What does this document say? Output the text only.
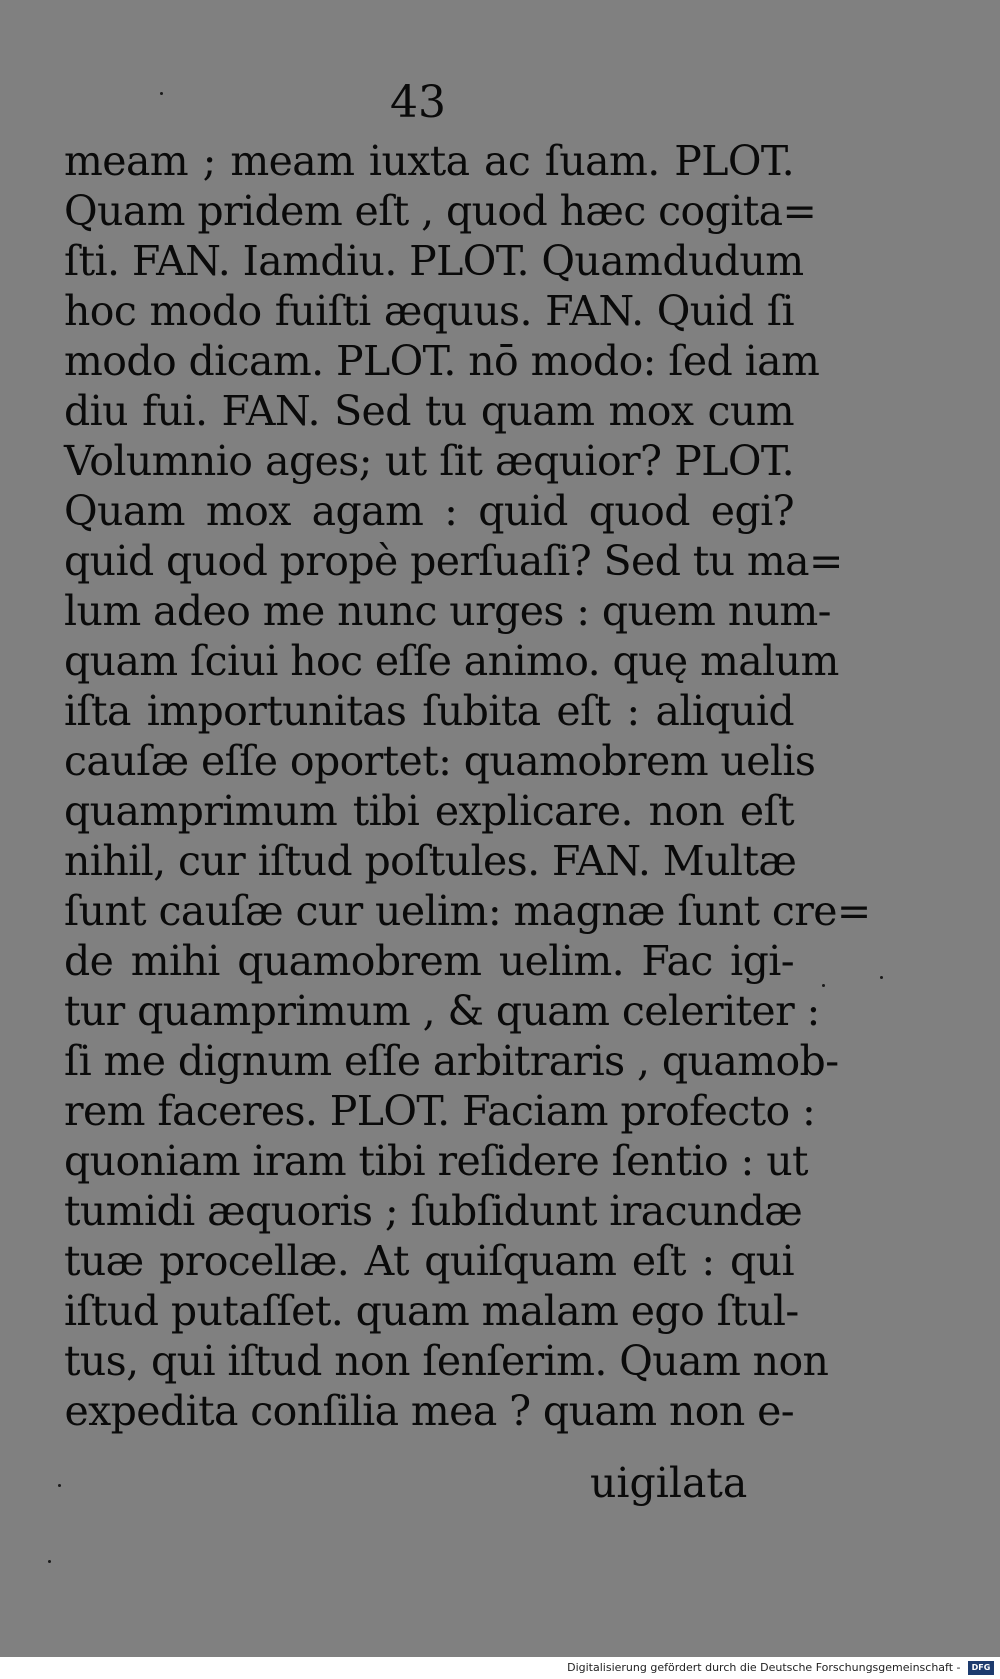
43
meam ; meam iuxta ac ſuam. PLOT.
Quam pridem eſt , quod hæc cogita=
ſti. FAN. Iamdiu. PLOT. Quamdudum
hoc modo fuiſti æquus. FAN. Quid ſi
modo dicam. PLOT. nō modo: ſed iam
diu fui. FAN. Sed tu quam mox cum
Volumnio ages; ut ſit æquior? PLOT.
Quam mox agam : quid quod egi?
quid quod propè perſuaſi? Sed tu ma=
lum adeo me nunc urges : quem num-
quam ſciui hoc eſſe animo. quę malum
iſta importunitas ſubita eſt : aliquid
cauſæ eſſe oportet: quamobrem uelis
quamprimum tibi explicare. non eſt
nihil, cur iſtud poſtules. FAN. Multæ
ſunt cauſæ cur uelim: magnæ ſunt cre=
de mihi quamobrem uelim. Fac igi-
tur quamprimum , & quam celeriter :
ſi me dignum eſſe arbitraris , quamob-
rem faceres. PLOT. Faciam profecto :
quoniam iram tibi reſidere ſentio : ut
tumidi æquoris ; ſubſidunt iracundæ
tuæ procellæ. At quiſquam eſt : qui
iſtud putaſſet. quam malam ego ſtul-
tus, qui iſtud non ſenſerim. Quam non
expedita conſilia mea ? quam non e-
uigilata
Digitalisierung gefördert durch die Deutsche Forschungsgemeinschaft - DFG
